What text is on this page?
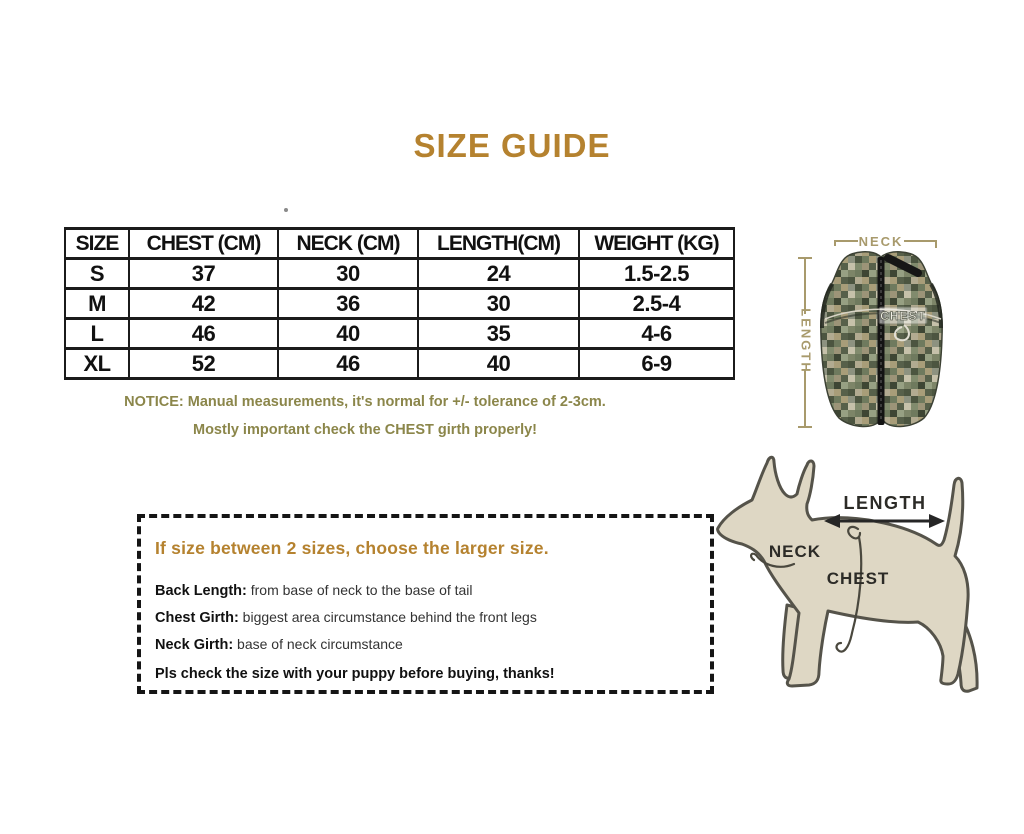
SIZE GUIDE
SIZE	CHEST (CM)	NECK (CM)	LENGTH(CM)	WEIGHT (KG)
S	37	30	24	1.5-2.5
M	42	36	30	2.5-4
L	46	40	35	4-6
XL	52	46	40	6-9
NOTICE: Manual measurements, it's normal for +/- tolerance of 2-3cm.
Mostly important check the CHEST girth properly!
If size between 2 sizes, choose the larger size.
Back Length: from base of neck to the base of tail
Chest Girth: biggest area circumstance behind the front legs
Neck Girth: base of neck circumstance
Pls check the size with your puppy before buying, thanks!
NECK
LENGTH	CHEST
LENGTH
NECK
CHEST
